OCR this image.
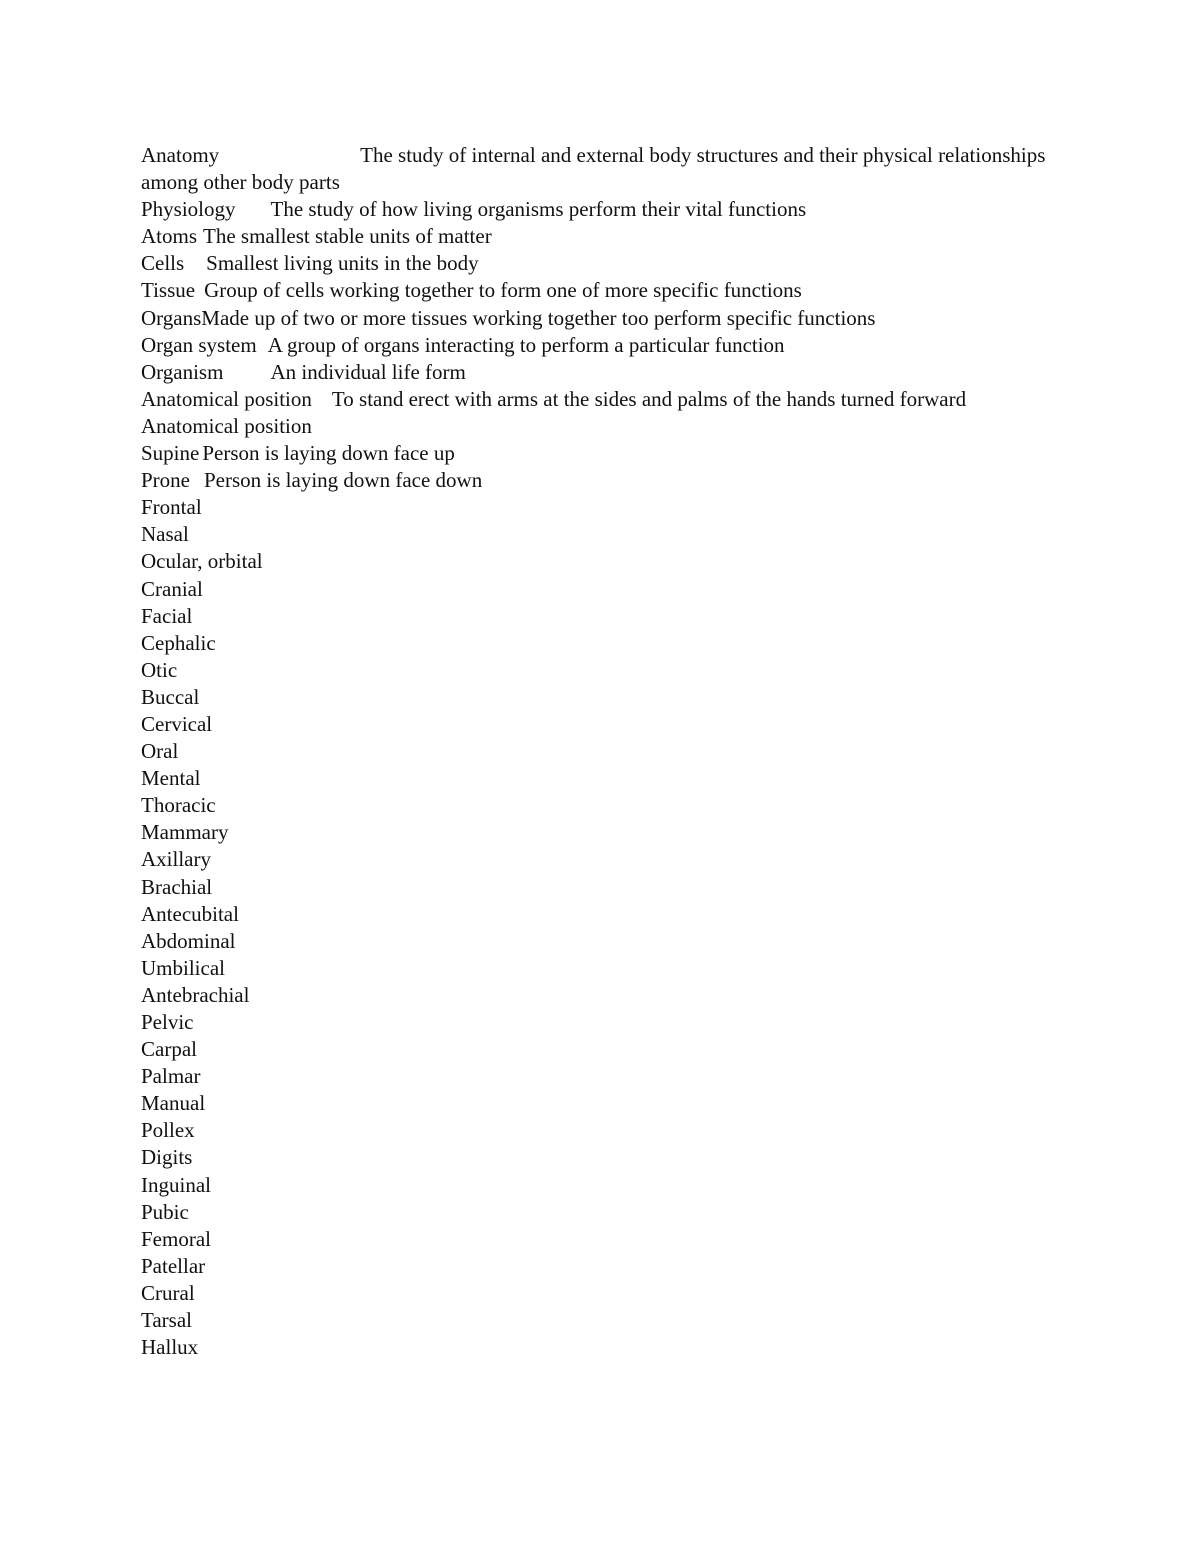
Anatomy	The study of internal and external body structures and their physical relationships among other body parts
Physiology The study of how living organisms perform their vital functions
Atoms The smallest stable units of matter
Cells Smallest living units in the body
Tissue Group of cells working together to form one of more specific functions
OrgansMade up of two or more tissues working together too perform specific functions
Organ system A group of organs interacting to perform a particular function
Organism An individual life form
Anatomical position To stand erect with arms at the sides and palms of the hands turned forward
Anatomical position
Supine Person is laying down face up
Prone Person is laying down face down
Frontal
Nasal
Ocular, orbital
Cranial
Facial
Cephalic
Otic
Buccal
Cervical
Oral
Mental
Thoracic
Mammary
Axillary
Brachial
Antecubital
Abdominal
Umbilical
Antebrachial
Pelvic
Carpal
Palmar
Manual
Pollex
Digits
Inguinal
Pubic
Femoral
Patellar
Crural
Tarsal
Hallux
